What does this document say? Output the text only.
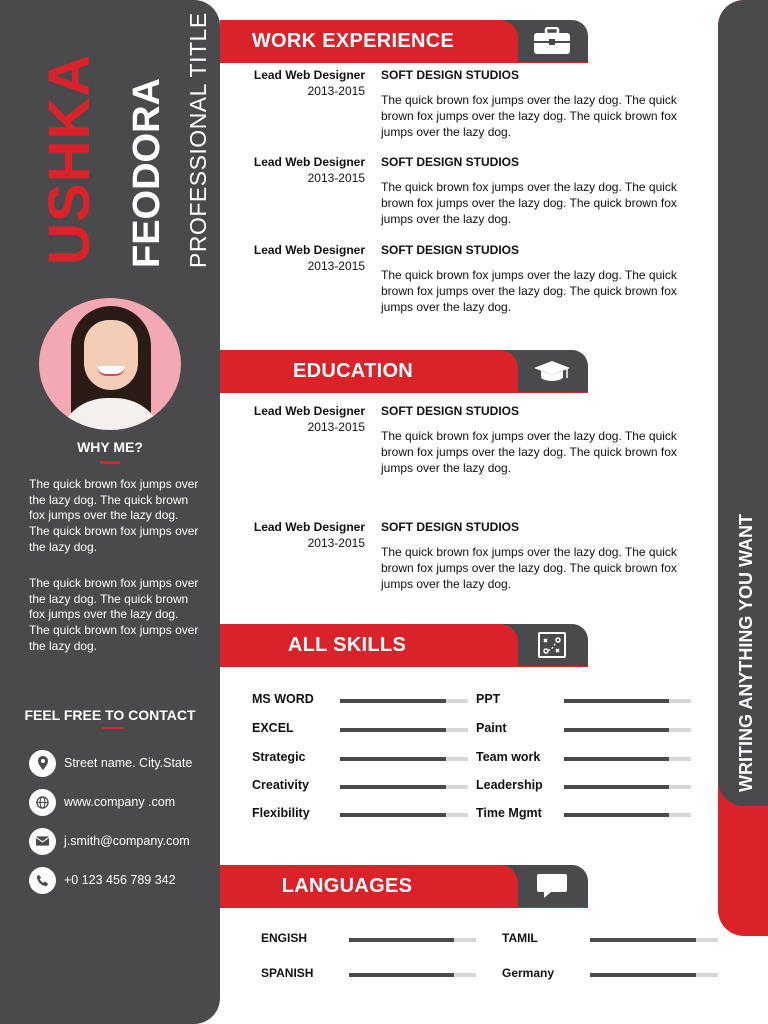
USHKA FEODORA PROFESSIONAL TITLE
WHY ME?
The quick brown fox jumps over the lazy dog. The quick brown fox jumps over the lazy dog. The quick brown fox jumps over the lazy dog.
The quick brown fox jumps over the lazy dog. The quick brown fox jumps over the lazy dog. The quick brown fox jumps over the lazy dog.
FEEL FREE TO CONTACT
Street name. City.State
www.company .com
j.smith@company.com
+0 123 456 789 342
WRITING ANYTHING YOU WANT
WORK EXPERIENCE
Lead Web Designer
2013-2015
SOFT DESIGN STUDIOS
The quick brown fox jumps over the lazy dog. The quick brown fox jumps over the lazy dog. The quick brown fox jumps over the lazy dog.
Lead Web Designer
2013-2015
SOFT DESIGN STUDIOS
The quick brown fox jumps over the lazy dog. The quick brown fox jumps over the lazy dog. The quick brown fox jumps over the lazy dog.
Lead Web Designer
2013-2015
SOFT DESIGN STUDIOS
The quick brown fox jumps over the lazy dog. The quick brown fox jumps over the lazy dog. The quick brown fox jumps over the lazy dog.
EDUCATION
Lead Web Designer
2013-2015
SOFT DESIGN STUDIOS
The quick brown fox jumps over the lazy dog. The quick brown fox jumps over the lazy dog. The quick brown fox jumps over the lazy dog.
Lead Web Designer
2013-2015
SOFT DESIGN STUDIOS
The quick brown fox jumps over the lazy dog. The quick brown fox jumps over the lazy dog. The quick brown fox jumps over the lazy dog.
ALL SKILLS
MS WORD
EXCEL
Strategic
Creativity
Flexibility
PPT
Paint
Team work
Leadership
Time Mgmt
LANGUAGES
ENGISH	TAMIL
SPANISH	Germany
